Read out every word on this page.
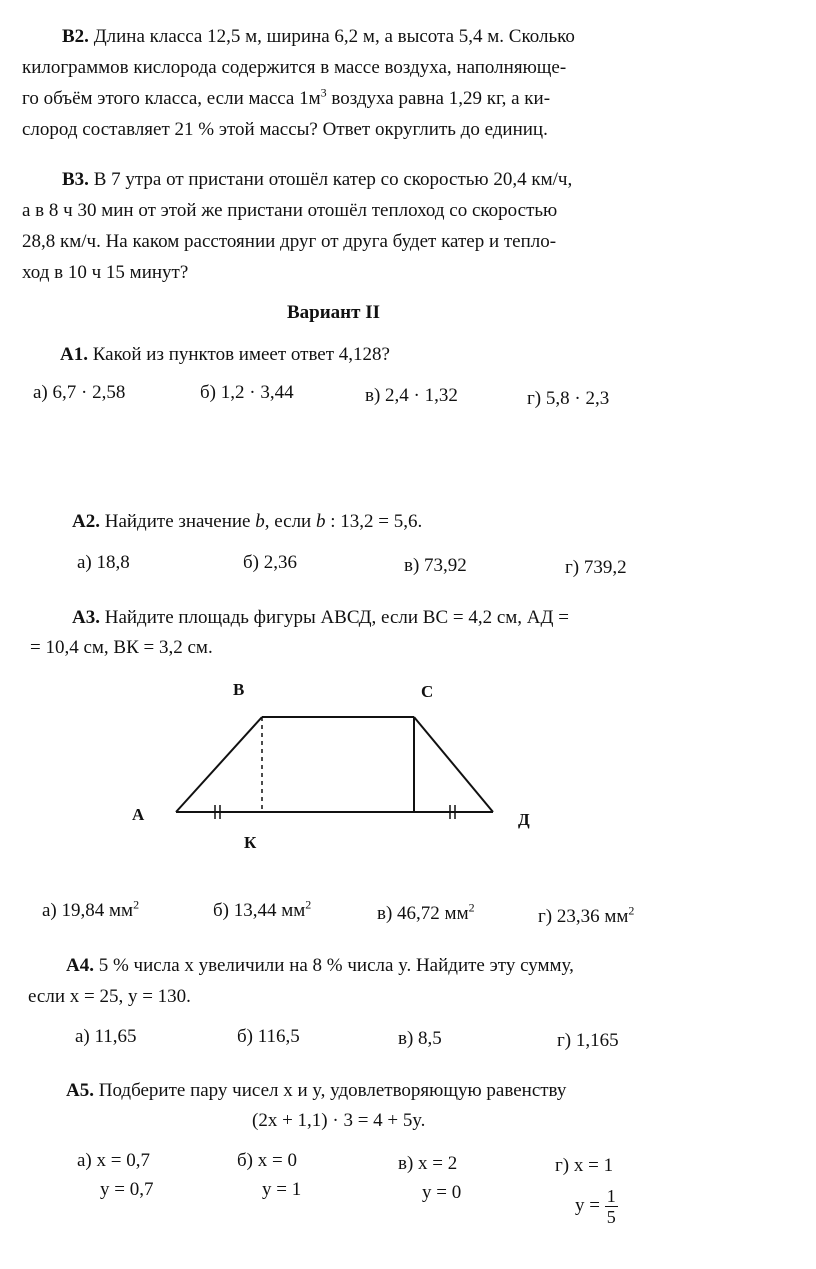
В2. Длина класса 12,5 м, ширина 6,2 м, а высота 5,4 м. Сколько
килограммов кислорода содержится в массе воздуха, наполняюще-
го объём этого класса, если масса $1м^3$ воздуха равна 1,29 кг, а ки-
слород составляет 21 % этой массы? Ответ округлить до единиц.
В3. В 7 утра от пристани отошёл катер со скоростью 20,4 км/ч,
а в 8 ч 30 мин от этой же пристани отошёл теплоход со скоростью
28,8 км/ч. На каком расстоянии друг от друга будет катер и тепло-
ход в 10 ч 15 минут?
Вариант II
А1. Какой из пунктов имеет ответ 4,128?
а) 6,7 · 2,58	б) 1,2 · 3,44	в) 2,4 · 1,32	г) 5,8 · 2,3
А2. Найдите значение b, если b : 13,2 = 5,6.
а) 18,8	б) 2,36	в) 73,92	г) 739,2
А3. Найдите площадь фигуры АВСД, если ВС = 4,2 см, АД =
= 10,4 см, ВК = 3,2 см.
В	С
А	Д
К
а) 19,84 $мм^2$	б) 13,44 $мм^2$	в) 46,72 $мм^2$	г) 23,36 $мм^2$
А4. 5 % числа x увеличили на 8 % числа y. Найдите эту сумму,
если x = 25, y = 130.
а) 11,65	б) 116,5	в) 8,5	г) 1,165
А5. Подберите пару чисел x и y, удовлетворяющую равенству
(2x + 1,1) · 3 = 4 + 5y.
а) x = 0,7
y = 0,7
б) x = 0
y = 1
в) x = 2
y = 0
г) x = 1
$y = \frac{1}{5}$
